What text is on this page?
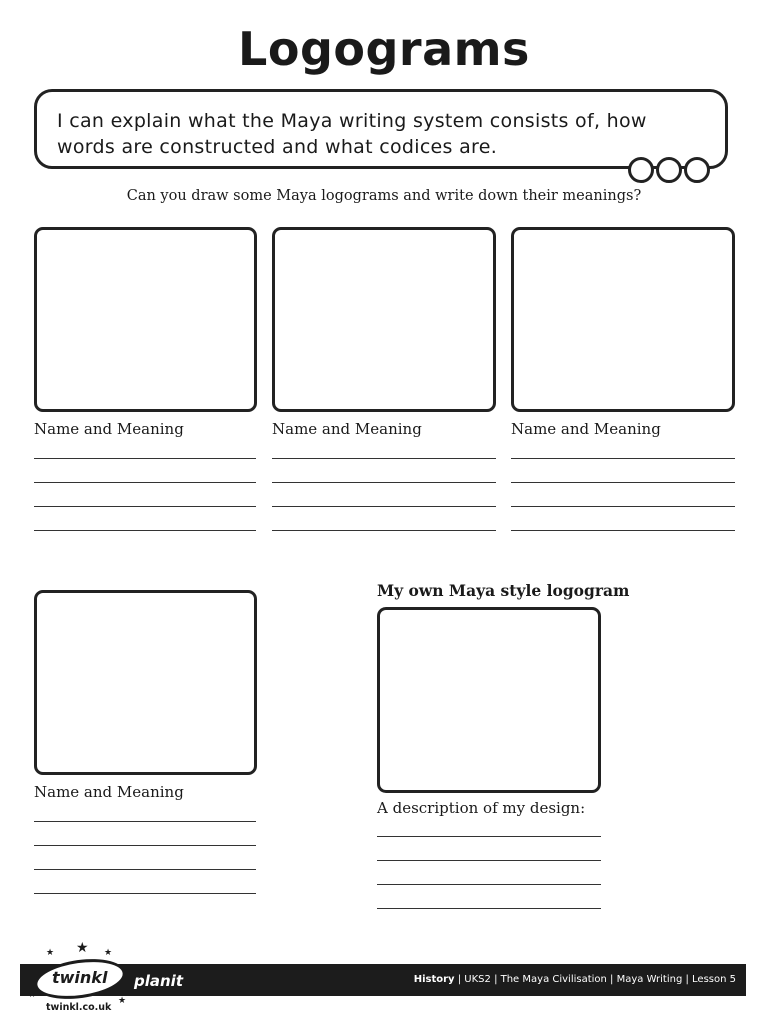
Logograms
I can explain what the Maya writing system consists of, how words are constructed and what codices are.
Can you draw some Maya logograms and write down their meanings?
Name and Meaning	Name and Meaning	Name and Meaning
Name and Meaning
My own Maya style logogram
A description of my design:
★
★	★
★
★
twinkl planit	History | UKS2 | The Maya Civilisation | Maya Writing | Lesson 5
twinkl.co.uk
